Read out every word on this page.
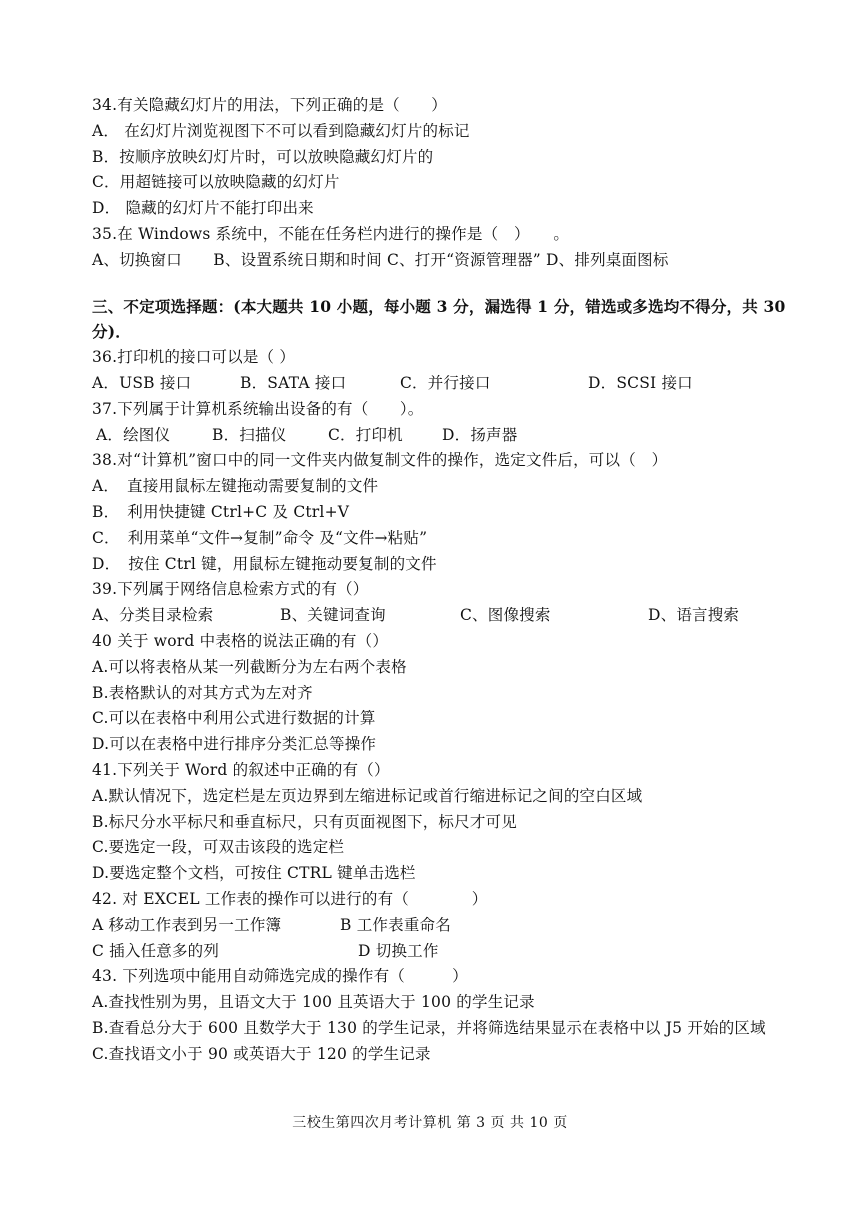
34.有关隐藏幻灯片的用法，下列正确的是（　　）
A． 在幻灯片浏览视图下不可以看到隐藏幻灯片的标记
B．按顺序放映幻灯片时，可以放映隐藏幻灯片的
C．用超链接可以放映隐藏的幻灯片
D． 隐藏的幻灯片不能打印出来
35.在 Windows 系统中，不能在任务栏内进行的操作是（　）　　。
A、切换窗口　　B、设置系统日期和时间 C、打开“资源管理器” D、排列桌面图标
三、不定项选择题：(本大题共 10 小题，每小题 3 分，漏选得 1 分，错选或多选均不得分，共 30 分)．
36.打印机的接口可以是（ ）
A．USB 接口	B．SATA 接口	C．并行接口	D．SCSI 接口
37.下列属于计算机系统输出设备的有（　　）。
A．绘图仪	B．扫描仪	C．打印机	D．扬声器
38.对“计算机”窗口中的同一文件夹内做复制文件的操作，选定文件后，可以（　）
A．　直接用鼠标左键拖动需要复制的文件
B．　利用快捷键 Ctrl+C 及 Ctrl+V
C．　利用菜单“文件→复制”命令 及“文件→粘贴”
D．　按住 Ctrl 键，用鼠标左键拖动要复制的文件
39.下列属于网络信息检索方式的有（）
A、分类目录检索	B、关键词查询	C、图像搜索	D、语言搜索
40 关于 word 中表格的说法正确的有（）
A.可以将表格从某一列截断分为左右两个表格
B.表格默认的对其方式为左对齐
C.可以在表格中利用公式进行数据的计算
D.可以在表格中进行排序分类汇总等操作
41.下列关于 Word 的叙述中正确的有（）
A.默认情况下，选定栏是左页边界到左缩进标记或首行缩进标记之间的空白区域
B.标尺分水平标尺和垂直标尺，只有页面视图下，标尺才可见
C.要选定一段，可双击该段的选定栏
D.要选定整个文档，可按住 CTRL 键单击选栏
42. 对 EXCEL 工作表的操作可以进行的有（　　　　）
A 移动工作表到另一工作簿	B 工作表重命名
C 插入任意多的列	D 切换工作
43. 下列选项中能用自动筛选完成的操作有（　　　）
A.查找性别为男，且语文大于 100 且英语大于 100 的学生记录
B.查看总分大于 600 且数学大于 130 的学生记录，并将筛选结果显示在表格中以 J5 开始的区域
C.查找语文小于 90 或英语大于 120 的学生记录
三校生第四次月考计算机 第 3 页 共 10 页
